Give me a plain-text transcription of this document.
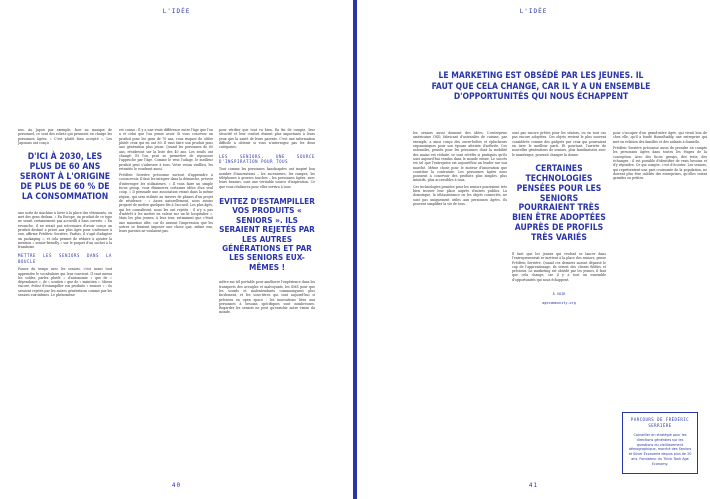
L'IDÉE

nus. Au Japon par exemple, face au manque de personnel, ce sont des robots qui prennent en charge les personnes âgées. « C'est plutôt bien accepté », Les Japonais ont conçu

D'ICI À 2030, LES PLUS DE 60 ANS SERONT À L'ORIGINE DE PLUS DE 60 % DE LA CONSOMMATION

une sorte de machine à laver à la place des vêtements, on met des gens dedans. » En Europe, un produit de ce type ne serait certainement pas accueilli à bras ouverts. « En revanche, il ne serait pas nécessaire d'avoir conçu un produit destiné a priori aux plus âgés pour s'adresser à eux, affirme Frédéric Serrière. Parfois, il s'agit d'adapter un packaging », et cela permet de réduire à ajouter la mention « senior-friendly » sur le paquet d'un sachet à la framboise.

METTRE LES SENIORS DANS LA BOUCLE

Passer du temps avec les seniors, c'est avant tout apprendre le vocabulaire qui leur convient. Il vaut mieux les solder, parlez plutôt « d'autonomie » que de « dépendance », de « soutien » que de « maintien ». Mieux encore, évitez d'estampiller vos produits « seniors » : ils seraient rejetés par les autres générations comme par les seniors eux-mêmes. Le phénomène

est connu : Il y a une vraie différence entre l'âge que l'on a et celui que l'on pense avoir. Si vous concevez un produit pour les gens de 70 ans, vous risquez de cibler plutôt ceux qui en ont 80. Il vaut faire son produit pour une génération plus jeune. Quand les personnes de 60 ans, résideront sur la liste des 40 ans. Les seuils ont changé. Et l'on peut se permettre de repousser l'approche par l'âge. Comme le veut l'adage, le meilleur produit peut s'adresser à tous. Votre voisin vieillira, les retraités le voudront aussi.

Frédéric Serrière préconise surtout d'apprendre à coconcevoir. Il faut les intégrer dans la démarche, prévoir d'interroger les utilisateurs. « Il vous faire un simple focus group, vous éliminerez certaines idées d'un seul coup. » Il persuade une association vivant dans la même région, qui sera utilisée au travers de phases d'un projet de résidence : « Assez naturellement, nous avions proposé de mettre quelques lits à l'accueil. Les plus âgés, qui les connaîtront, nous les ont rejetés : il n'y a pas d'intérêt à les mettre en valeur sur un lit hospitalier ». Mais les plus jeunes, à leur tour, estimaient que c'était une mauvaise idée, car ils avaient l'impression que les autres se feraient imposer une chose que, même eux, leurs parents ne voulaient pas.

pour vérifier que tout va bien. En fin de compte, leur sécurité et leur confort étaient plus importants à leurs yeux que la santé de leurs parents. C'est une information difficile à obtenir si vous n'interrogez pas les deux catégories.

LES SENIORS, UNE SOURCE D'INSPIRATION POUR TOUS

Tout comme les personnes handicapées ont inspiré bon nombre d'innovations – les ascenseurs, les rampes, les téléphones à grosses touches – les personnes âgées, avec leurs besoins, sont une véritable source d'inspiration. Ce que vous réaliserez pour elles servira à tous.

EVITEZ D'ESTAMPILLER VOS PRODUITS « SENIORS ». ILS SERAIENT REJETÉS PAR LES AUTRES GÉNÉRATIONS ET PAR LES SENIORS EUX-MÊMES !

mêtre sur tél portable pour améliorer l'expérience dans les transports des aveugles et malvoyants, les SMS pour que les sourds et malentendants communiquent plus facilement, et les sous-titres qui sont aujourd'hui si précieux en open space : les innovations liées aux personnes à besoins spécifiques sont nombreuses. Regarder les seniors ne peut qu'enrichir notre vision du monde.

40
L'IDÉE
LE MARKETING EST OBSÉDÉ PAR LES JEUNES. IL FAUT QUE CELA CHANGE, CAR IL Y A UN ENSEMBLE D'OPPORTUNITÉS QUI NOUS ÉCHAPPENT

les seniors aussi donnent des idées. L'entreprise américaine OXO, fabricant d'ustensiles de cuisine, par exemple, a ainsi conçu des ouvre-boîtes et éplucheurs ergonomiques pour son épouse atteinte d'arthrite. Ces ustensiles, pensés pour les personnes dont la mobilité des mains est réduite, se sont révélés si pratiques qu'ils sont aujourd'hui vendus dans le monde entier. Le succès est tel que l'entreprise est aujourd'hui un leader sur son marché. Même chose pour le moteur d'innovation que constitue la contrainte. Les personnes âgées nous poussent à concevoir des produits plus simples, plus intuitifs, plus accessibles à tous.

Ces technologies pensées pour les seniors pourraient très bien trouver leur place auprès d'autres publics. La domotique, la téléassistance ou les objets connectés, ne sont pas uniquement utiles aux personnes âgées. Ils peuvent simplifier la vie de tous.

sont pas encore prêtes pour les séniors, ou en tout cas pas encore adoptées. Ces objets restent le plus souvent considérés comme des gadgets par ceux qui pourraient en tirer le meilleur parti. Et pourtant, l'arrivée de nouvelles générations de seniors, plus familiarisées avec le numérique, pourrait changer la donne.

CERTAINES TECHNOLOGIES PENSÉES POUR LES SENIORS POURRAIENT TRÈS BIEN ÊTRE ADOPTÉES AUPRÈS DE PROFILS TRÈS VARIÉS

Il faut que les jeunes qui veulent se lancer dans l'entrepreneuriat se mettent à la place des seniors, pense Frédéric Serrière. Quand ces derniers auront dépassé le cap de l'apprentissage, ils seront des clients fidèles et précieux. Le marketing est obsédé par les jeunes, il faut que cela change, car il y a tout un ensemble d'opportunités qui nous échappent.

À VOIR
agecommunity.org

pour s'occuper d'un grand-mère âgée, qui vivait loin de chez elle, qu'il a fondé HomeBuddy, une entreprise qui met en relation des familles et des aidants à domicile.

Frédéric Serrière préconise aussi de prendre en compte les personnes âgées dans toutes les étapes de la conception. Avec des focus groups, des tests, des échanges : il est possible d'identifier de vrais besoins et d'y répondre. Ce qui compte, c'est d'écouter. Les seniors, qui représentent une part croissante de la population, ne doivent plus être oubliés des entreprises, qu'elles soient grandes ou petites.

PARCOURS DE FRÉDÉRIC SERRIÈRE
Conseiller en stratégie pour les directions générales sur les questions du vieillissement démographique, marché des Seniors et Silver Économie depuis plus de 20 ans. Fondateur du Think Tank Age Economy.
41
